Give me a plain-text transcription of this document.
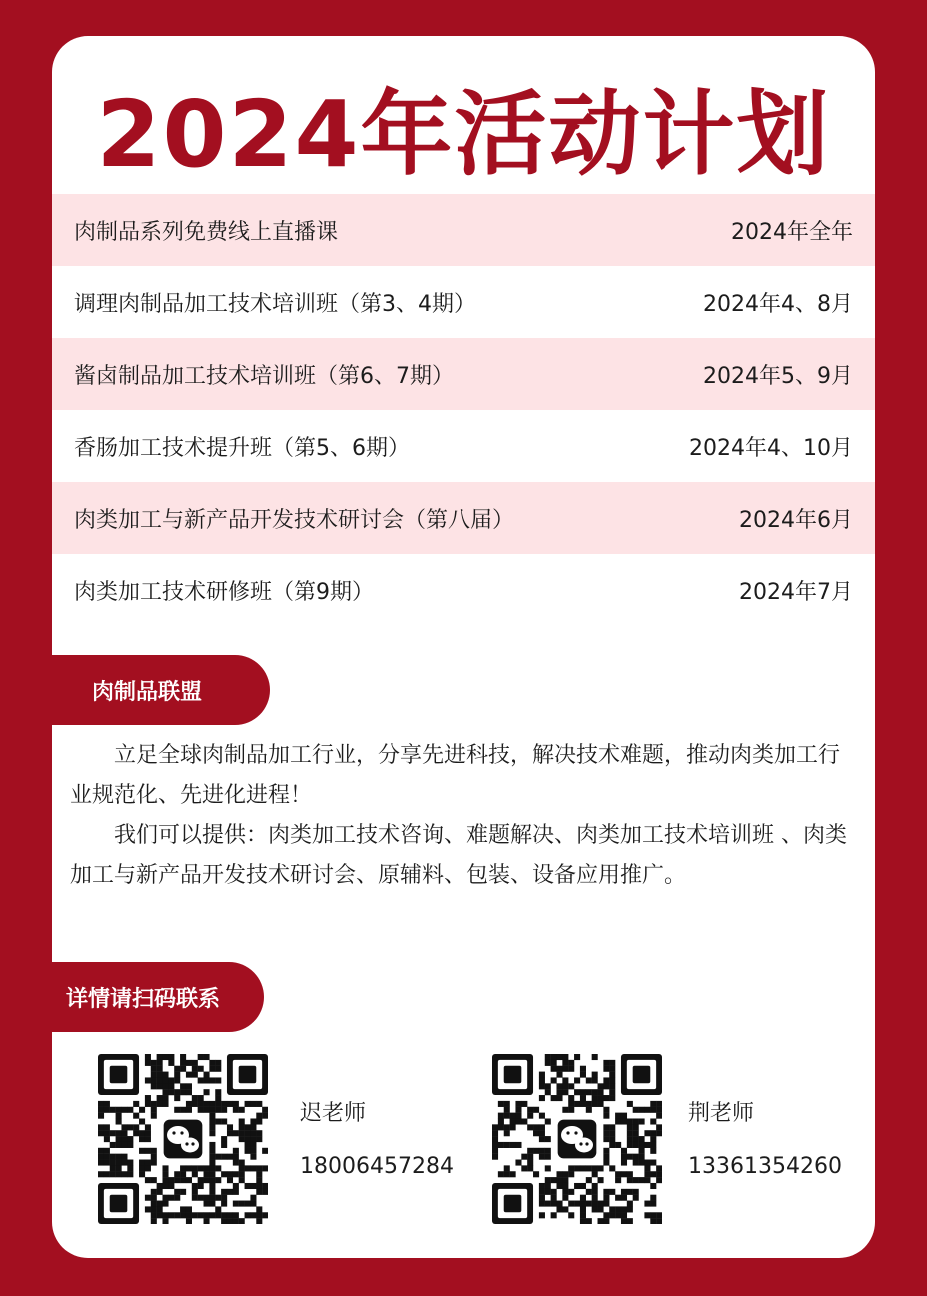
2024年活动计划
肉制品系列免费线上直播课	2024年全年
调理肉制品加工技术培训班（第3、4期）	2024年4、8月
酱卤制品加工技术培训班（第6、7期）	2024年5、9月
香肠加工技术提升班（第5、6期）	2024年4、10月
肉类加工与新产品开发技术研讨会（第八届）	2024年6月
肉类加工技术研修班（第9期）	2024年7月
肉制品联盟

立足全球肉制品加工行业，分享先进科技，解决技术难题，推动肉类加工行业规范化、先进化进程！

我们可以提供：肉类加工技术咨询、难题解决、肉类加工技术培训班 、肉类加工与新产品开发技术研讨会、原辅料、包装、设备应用推广。

详情请扫码联系
迟老师
18006457284
荆老师
13361354260
